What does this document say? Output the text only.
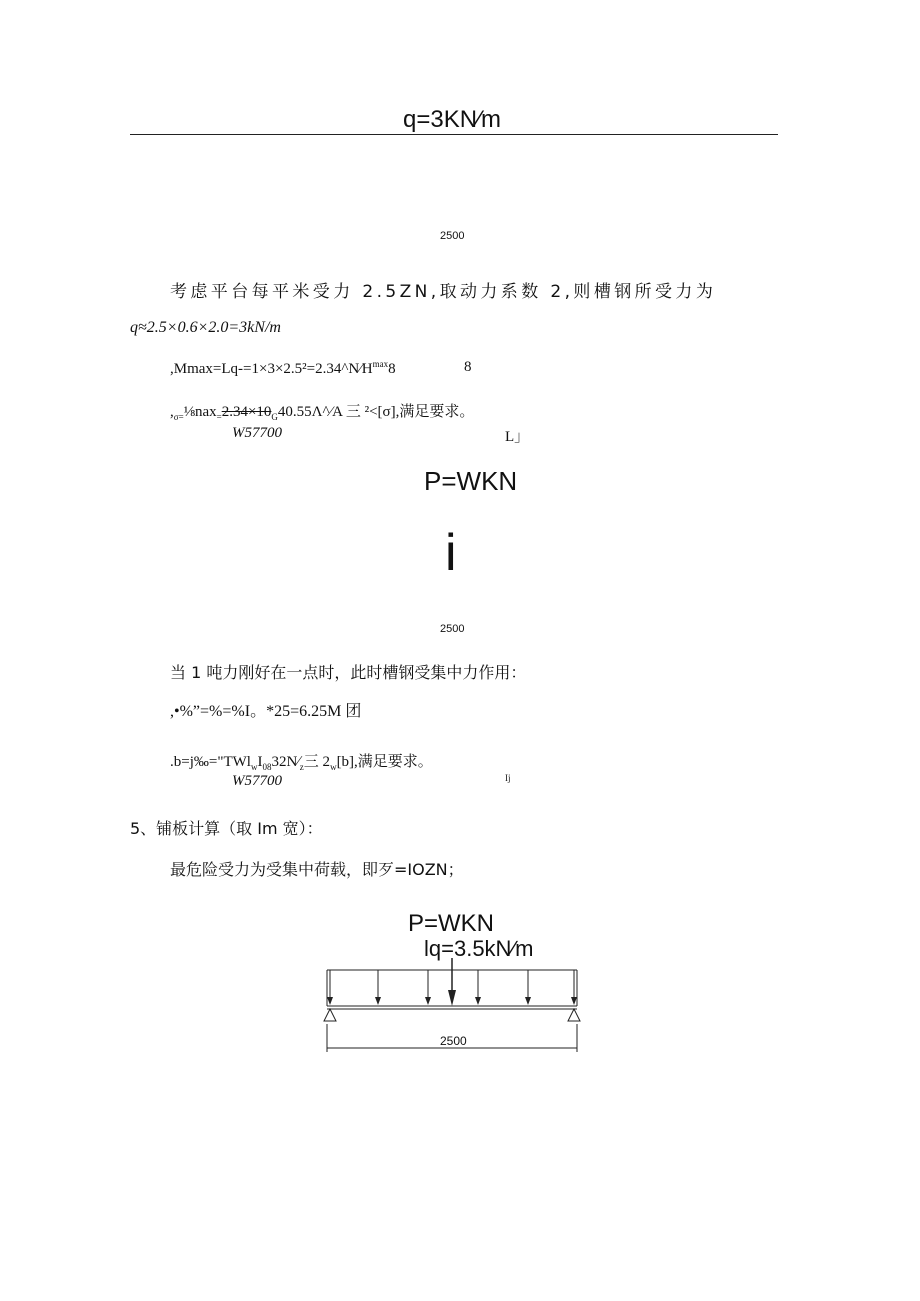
q=3KN∕m
2500
考虑平台每平米受力 2.5ZN,取动力系数 2,则槽钢所受力为
q≈2.5×0.6×2.0=3kN/m
$,Mmax=Lq-=1\times 3\times 2.5^2=2.34\^{}N∕H^{max}8$	8
$,_{\sigma=}\frac{1}{8}nax_=2.34\times 10_G40.55\Lambda\^{}⁄A$ 三 ²<[σ],满足要求。
W57700	L」
P=WKN
i
2500
当 1 吨力刚好在一点时，此时槽钢受集中力作用：
,•%”=%=%I。*25=6.25M 团
$.b=j‰="TWl_wI_{08}32N∕_z$三 $2_w[b]$,满足要求。
W57700	Ij
5、铺板计算（取 Im 宽）：
最危险受力为受集中荷载，即歹=IOZN；
P=WKN
lq=3.5kN∕m
2500
